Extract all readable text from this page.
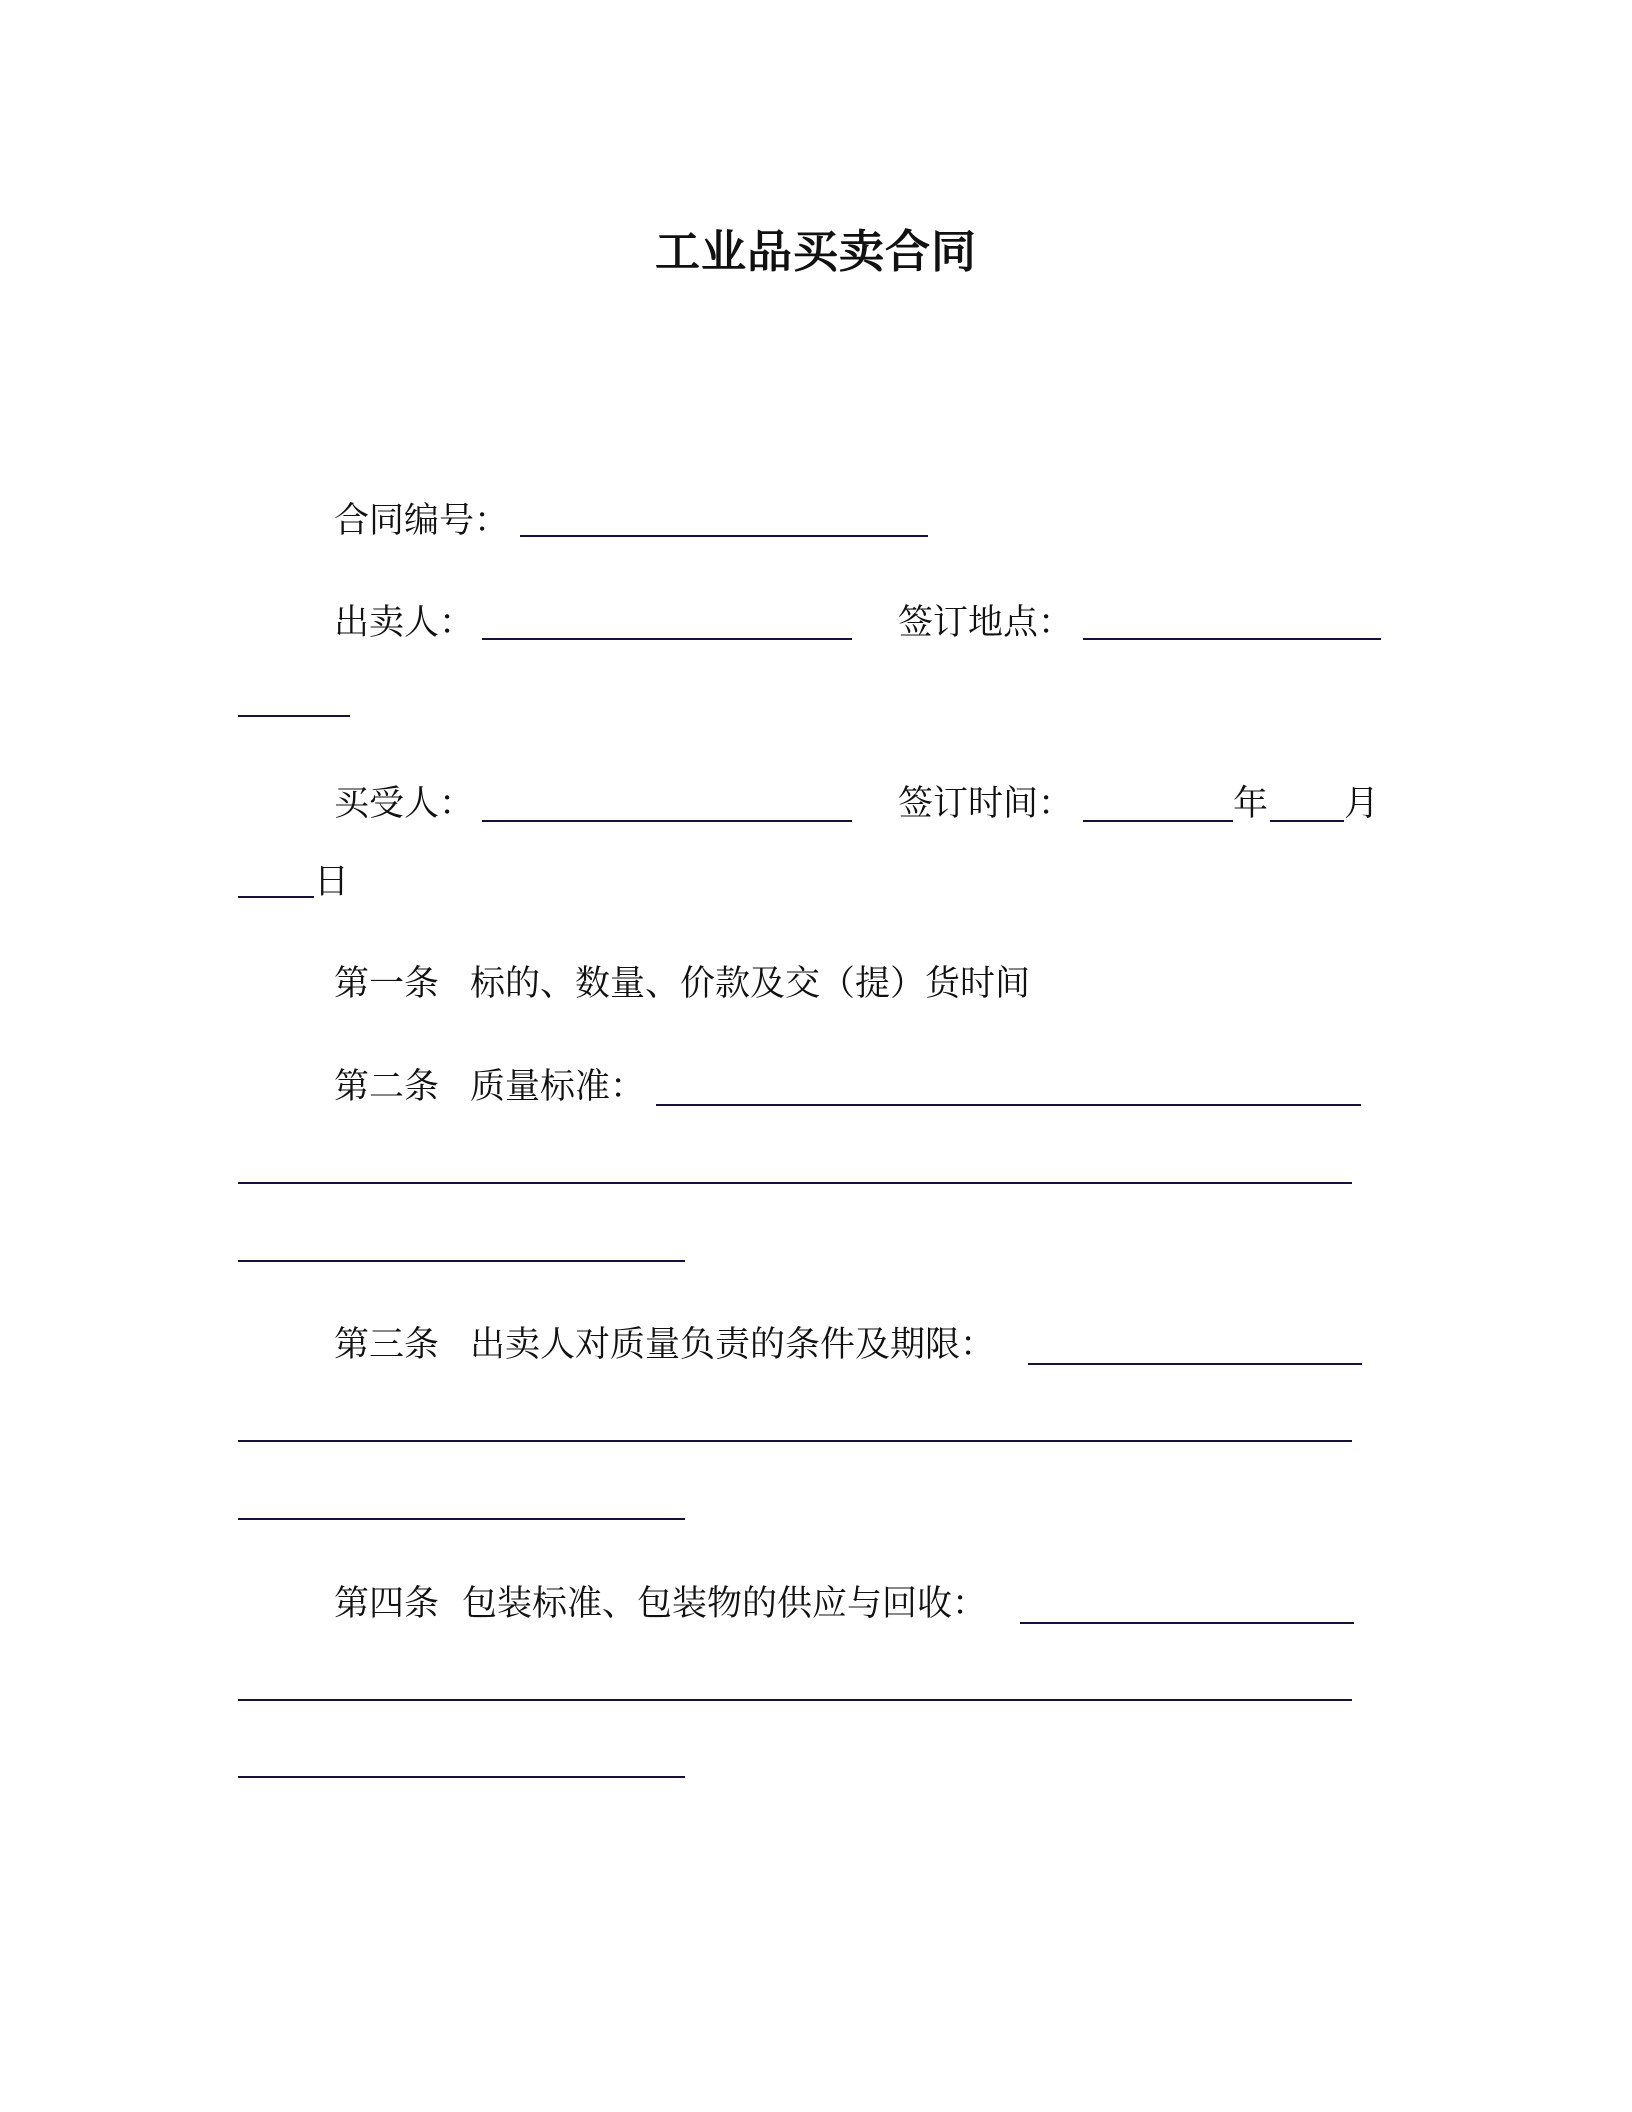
工业品买卖合同
合同编号：
出卖人：	签订地点：
买受人：	签订时间：	年 月
日
第一条 标的、数量、价款及交（提）货时间
第二条 质量标准：
第三条 出卖人对质量负责的条件及期限：
第四条 包装标准、包装物的供应与回收：
